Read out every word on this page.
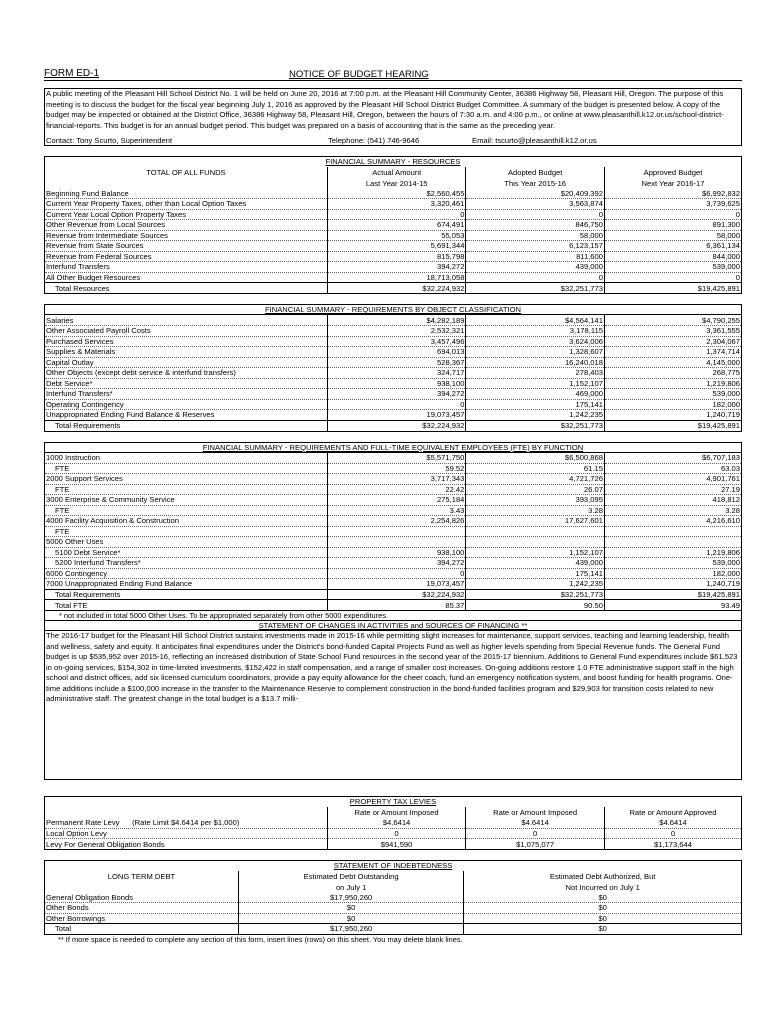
FORM ED-1	NOTICE OF BUDGET HEARING
A public meeting of the Pleasant Hill School District No. 1 will be held on June 20, 2016 at 7:00 p.m. at the Pleasant Hill Community Center, 36386 Highway 58, Pleasant Hill, Oregon. The purpose of this meeting is to discuss the budget for the fiscal year beginning July 1, 2016 as approved by the Pleasant Hill School District Budget Committee. A summary of the budget is presented below. A copy of the budget may be inspected or obtained at the District Office, 36386 Highway 58, Pleasant Hill, Oregon, between the hours of 7:30 a.m. and 4:00 p.m., or online at www.pleasanthill.k12.or.us/school-district-financial-reports. This budget is for an annual budget period. This budget was prepared on a basis of accounting that is the same as the preceding year.
Contact: Tony Scurto, Superintendent	Telephone: (541) 746-9646	Email: tscurto@pleasanthill.k12.or.us
FINANCIAL SUMMARY - RESOURCES
TOTAL OF ALL FUNDS	Actual Amount	Adopted Budget	Approved Budget
	Last Year 2014-15	This Year 2015-16	Next Year 2016-17
Beginning Fund Balance	$2,560,455	$20,409,392	$6,992,832
Current Year Property Taxes, other than Local Option Taxes	3,320,461	3,563,874	3,739,625
Current Year Local Option Property Taxes	0	0	0
Other Revenue from Local Sources	674,491	846,750	891,300
Revenue from Intermediate Sources	55,053	58,000	58,000
Revenue from State Sources	5,691,344	6,123,157	6,361,134
Revenue from Federal Sources	815,798	811,600	844,000
Interfund Transfers	394,272	439,000	539,000
All Other Budget Resources	18,713,058	0	0
Total Resources	$32,224,932	$32,251,773	$19,425,891
FINANCIAL SUMMARY - REQUIREMENTS BY OBJECT CLASSIFICATION
Salaries	$4,282,189	$4,564,141	$4,790,255
Other Associated Payroll Costs	2,532,321	3,178,115	3,361,555
Purchased Services	3,457,496	3,624,006	2,304,067
Supplies & Materials	694,013	1,328,607	1,374,714
Capital Outlay	528,367	16,240,018	4,145,000
Other Objects (except debt service & interfund transfers)	324,717	278,403	268,775
Debt Service*	938,100	1,152,107	1,219,806
Interfund Transfers*	394,272	469,000	539,000
Operating Contingency	0	175,141	182,000
Unappropriated Ending Fund Balance & Reserves	19,073,457	1,242,235	1,240,719
Total Requirements	$32,224,932	$32,251,773	$19,425,891
FINANCIAL SUMMARY - REQUIREMENTS AND FULL-TIME EQUIVALENT EMPLOYEES (FTE) BY FUNCTION
1000 Instruction	$5,571,750	$6,500,868	$6,707,183
FTE	59.52	61.15	63.03
2000 Support Services	3,717,343	4,721,726	4,901,761
FTE	22.42	26.07	27.19
3000 Enterprise & Community Service	275,184	393,095	418,812
FTE	3.43	3.28	3.28
4000 Facility Acquisition & Construction	2,254,826	17,627,601	4,216,610
FTE			
5000 Other Uses			
5100 Debt Service*	938,100	1,152,107	1,219,806
5200 Interfund Transfers*	394,272	439,000	539,000
6000 Contingency	0	175,141	182,000
7000 Unappropriated Ending Fund Balance	19,073,457	1,242,235	1,240,719
Total Requirements	$32,224,932	$32,251,773	$19,425,891
Total FTE	85.37	90.50	93.49
* not included in total 5000 Other Uses. To be appropriated separately from other 5000 expenditures.
STATEMENT OF CHANGES IN ACTIVITIES and SOURCES OF FINANCING **
The 2016-17 budget for the Pleasant Hill School District sustains investments made in 2015-16 while permitting slight increases for maintenance, support services, teaching and learning leadership, health and wellness, safety and equity. It anticipates final expenditures under the District's bond-funded Capital Projects Fund as well as higher levels spending from Special Revenue funds. The General Fund budget is up $535,952 over 2015-16, reflecting an increased distribution of State School Fund resources in the second year of the 2015-17 biennium. Additions to General Fund expenditures include $61,523 in on-going services, $154,302 in time-limited investments, $152,422 in staff compensation, and a range of smaller cost increases. On-going additions restore 1.0 FTE administrative support staff in the high school and district offices, add six licensed curriculum coordinators, provide a pay equity allowance for the cheer coach, fund an emergency notification system, and boost funding for health programs. One-time additions include a $100,000 increase in the transfer to the Maintenance Reserve to complement construction in the bond-funded facilities program and $29,903 for transition costs related to new administrative staff. The greatest change in the total budget is a $13.7 milli-
PROPERTY TAX LEVIES
	Rate or Amount Imposed	Rate or Amount Imposed	Rate or Amount Approved
Permanent Rate Levy (Rate Limit $4.6414 per $1,000)	$4.6414	$4.6414	$4.6414
Local Option Levy	0	0	0
Levy For General Obligation Bonds	$941,590	$1,075,077	$1,173,644
STATEMENT OF INDEBTEDNESS
LONG TERM DEBT	Estimated Debt Outstanding	Estimated Debt Authorized, But
	on July 1	Not Incurred on July 1
General Obligation Bonds	$17,950,260	$0
Other Bonds	$0	$0
Other Borrowings	$0	$0
Total	$17,950,260	$0
** If more space is needed to complete any section of this form, insert lines (rows) on this sheet. You may delete blank lines.
